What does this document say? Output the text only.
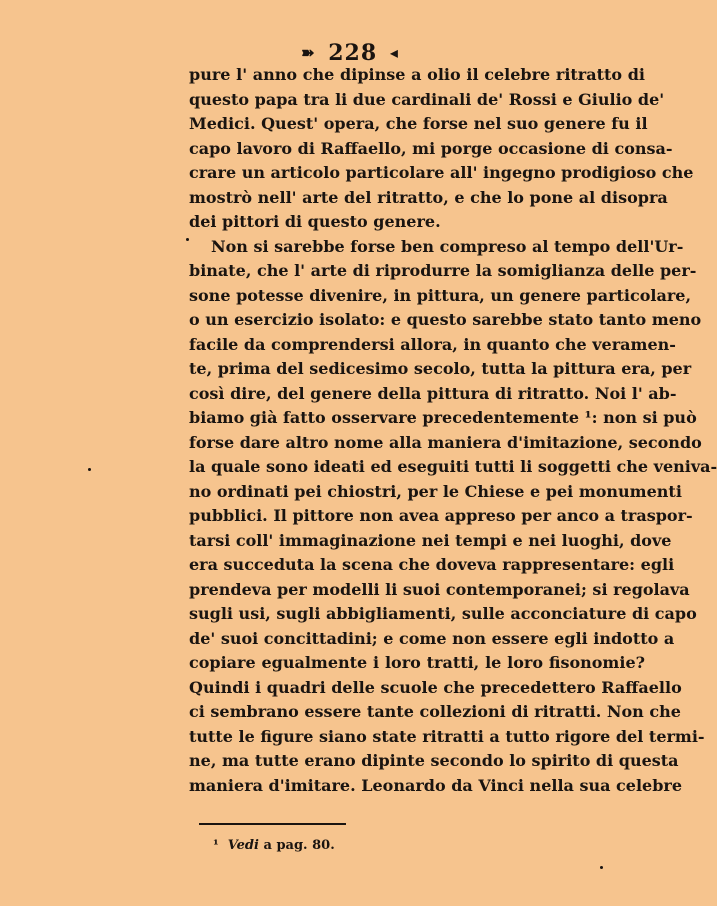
➽ 228 ◂
pure l' anno che dipinse a olio il celebre ritratto di
questo papa tra li due cardinali de' Rossi e Giulio de'
Medici. Quest' opera, che forse nel suo genere fu il
capo lavoro di Raffaello, mi porge occasione di consa-
crare un articolo particolare all' ingegno prodigioso che
mostrò nell' arte del ritratto, e che lo pone al disopra
dei pittori di questo genere.
Non si sarebbe forse ben compreso al tempo dell'Ur-
binate, che l' arte di riprodurre la somiglianza delle per-
sone potesse divenire, in pittura, un genere particolare,
o un esercizio isolato: e questo sarebbe stato tanto meno
facile da comprendersi allora, in quanto che veramen-
te, prima del sedicesimo secolo, tutta la pittura era, per
così dire, del genere della pittura di ritratto. Noi l' ab-
biamo già fatto osservare precedentemente ¹: non si può
forse dare altro nome alla maniera d'imitazione, secondo
la quale sono ideati ed eseguiti tutti li soggetti che veniva-
no ordinati pei chiostri, per le Chiese e pei monumenti
pubblici. Il pittore non avea appreso per anco a traspor-
tarsi coll' immaginazione nei tempi e nei luoghi, dove
era succeduta la scena che doveva rappresentare: egli
prendeva per modelli li suoi contemporanei; si regolava
sugli usi, sugli abbigliamenti, sulle acconciature di capo
de' suoi concittadini; e come non essere egli indotto a
copiare egualmente i loro tratti, le loro fisonomie?
Quindi i quadri delle scuole che precedettero Raffaello
ci sembrano essere tante collezioni di ritratti. Non che
tutte le figure siano state ritratti a tutto rigore del termi-
ne, ma tutte erano dipinte secondo lo spirito di questa
maniera d'imitare. Leonardo da Vinci nella sua celebre
¹ Vedi a pag. 80.
